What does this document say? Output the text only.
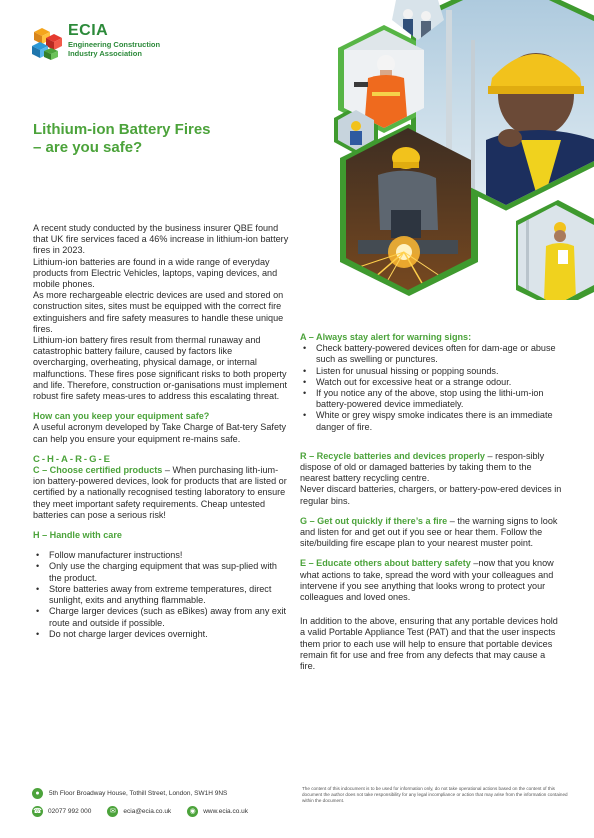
ECIA
Engineering Construction
Industry Association
Lithium-ion Battery Fires
– are you safe?

A recent study conducted by the business insurer QBE found that UK fire services faced a 46% increase in lithium-ion battery fires in 2023.

Lithium-ion batteries are found in a wide range of everyday products from Electric Vehicles, laptops, vaping devices, and mobile phones.

As more rechargeable electric devices are used and stored on construction sites, sites must be equipped with the correct fire extinguishers and fire safety measures to handle these unique fires.

Lithium-ion battery fires result from thermal runaway and catastrophic battery failure, caused by factors like overcharging, overheating, physical damage, or internal malfunctions. These fires pose significant risks to both property and life. Therefore, construction or-ganisations must implement robust fire safety meas-ures to address this escalating threat.

How can you keep your equipment safe?

A useful acronym developed by Take Charge of Bat-tery Safety can help you ensure your equipment re-mains safe.

C-H-A-R-G-E

C – Choose certified products – When purchasing lith-ium-ion battery-powered devices, look for products that are listed or certified by a nationally recognised testing laboratory to ensure they meet important safety requirements. Cheap untested batteries can pose a serious risk!

H – Handle with care

• Follow manufacturer instructions!
• Only use the charging equipment that was sup-plied with the product.
• Store batteries away from extreme temperatures, direct sunlight, exits and anything flammable.
• Charge larger devices (such as eBikes) away from any exit route and outside if possible.
• Do not charge larger devices overnight.

A – Always stay alert for warning signs:

• Check battery-powered devices often for dam-age or abuse such as swelling or punctures.
• Listen for unusual hissing or popping sounds.
• Watch out for excessive heat or a strange odour.
• If you notice any of the above, stop using the lithi-um-ion battery-powered device immediately.
• White or grey wispy smoke indicates there is an immediate danger of fire.

R – Recycle batteries and devices properly – respon-sibly dispose of old or damaged batteries by taking them to the nearest battery recycling centre.

Never discard batteries, chargers, or battery-pow-ered devices in regular bins.

G – Get out quickly if there’s a fire – the warning signs to look and listen for and get out if you see or hear them. Follow the site/building fire escape plan to your nearest muster point.

E – Educate others about battery safety –now that you know what actions to take, spread the word with your colleagues and intervene if you see anything that looks wrong to protect your colleagues and loved ones.

In addition to the above, ensuring that any portable devices hold a valid Portable Appliance Test (PAT) and that the user inspects them prior to each use will help to ensure that portable devices remain fit for use and free from any defects that may cause a fire.

●	5th Floor Broadway House, Tothill Street, London, SW1H 9NS
☎ 02077 992 000	✉	ecia@ecia.co.uk	◉	www.ecia.co.uk
The content of this indocument is to be used for information only, do not take operational actions based on the content of this document the author does not take responsibility for any legal incompliance or action that may arise from the information contained within the document.
